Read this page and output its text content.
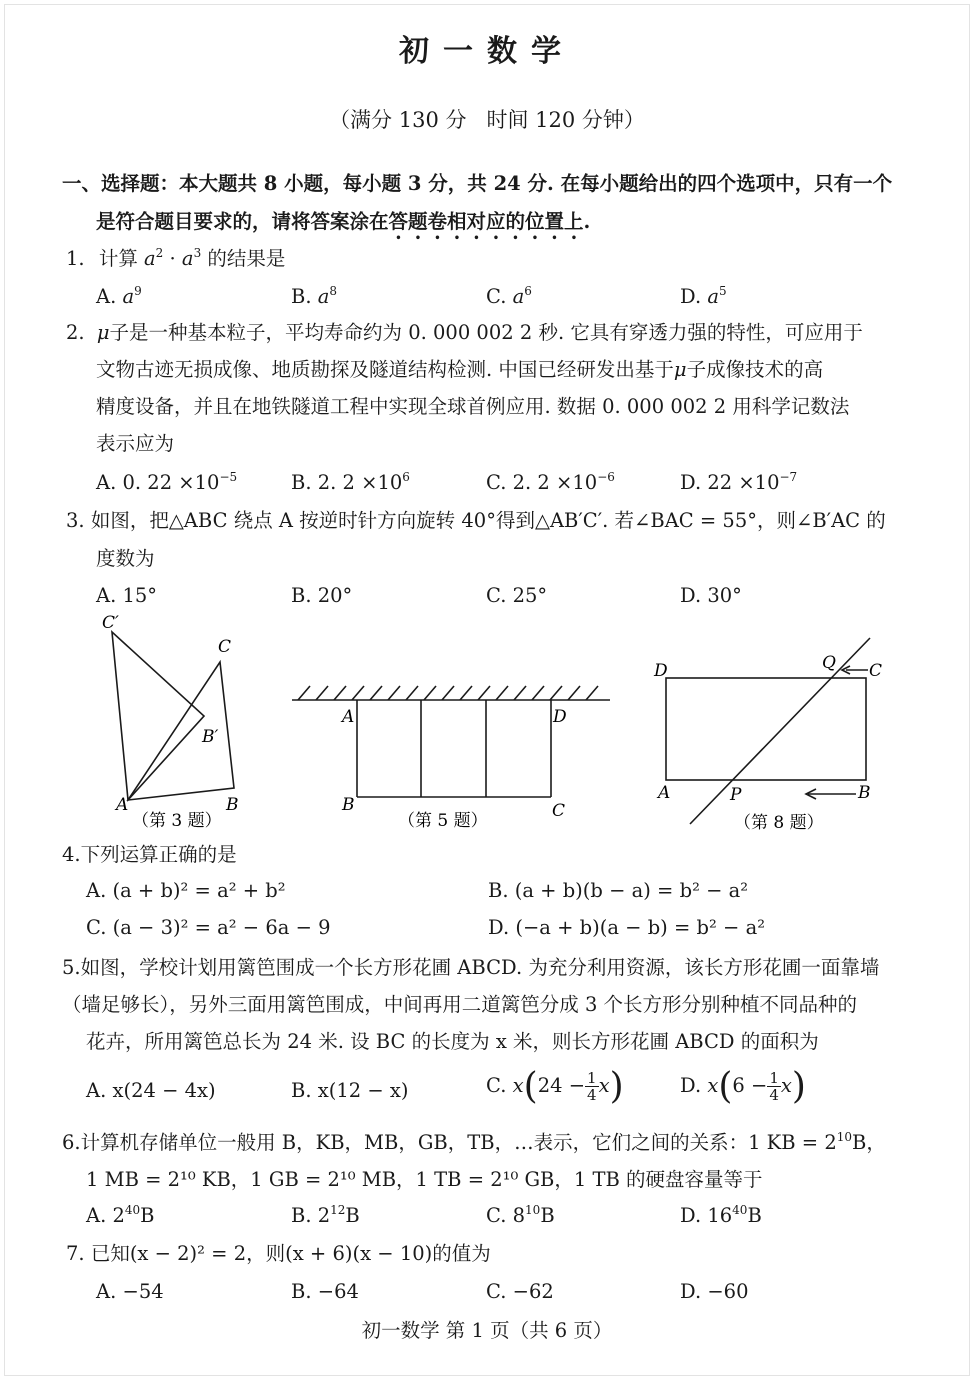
初一数学
（满分 130 分 时间 120 分钟）
一、选择题：本大题共 8 小题，每小题 3 分，共 24 分. 在每小题给出的四个选项中，只有一个
是符合题目要求的，请将答案涂在答题卷相对应的位置上.
1. 计算 $a^2 \cdot a^3$ 的结果是
A. $a^9$	B. $a^8$	C. $a^6$	D. $a^5$
2. μ子是一种基本粒子，平均寿命约为 0. 000 002 2 秒. 它具有穿透力强的特性，可应用于
文物古迹无损成像、地质勘探及隧道结构检测. 中国已经研发出基于μ子成像技术的高
精度设备，并且在地铁隧道工程中实现全球首例应用. 数据 0. 000 002 2 用科学记数法
表示应为
A. 0. $22 \times 10^{-5}$	B. 2. $2 \times 10^6$	C. 2. $2 \times 10^{-6}$	D. $22 \times 10^{-7}$
3. 如图，把△ABC 绕点 A 按逆时针方向旋转 40°得到△AB′C′. 若∠BAC = 55°，则∠B′AC 的
度数为
A. 15°	B. 20°	C. 25°	D. 30°
C′
C
B′
A	B
（第 3 题）
A	D
B	C
（第 5 题）
D	Q C
A	P	B
（第 8 题）
4.下列运算正确的是
A. (a + b)² = a² + b²	B. (a + b)(b − a) = b² − a²
C. (a − 3)² = a² − 6a − 9	D. (−a + b)(a − b) = b² − a²
5.如图，学校计划用篱笆围成一个长方形花圃 ABCD. 为充分利用资源，该长方形花圃一面靠墙
（墙足够长），另外三面用篱笆围成，中间再用二道篱笆分成 3 个长方形分别种植不同品种的
花卉，所用篱笆总长为 24 米. 设 BC 的长度为 x 米，则长方形花圃 ABCD 的面积为
A. x(24 − 4x)	B. x(12 − x)	C. $x(24 - \frac{1}{4} x)$	D. $x(6 - \frac{1}{4} x)$
6.计算机存储单位一般用 B，KB，MB，GB，TB，…表示，它们之间的关系：1 KB = $2^{10}B$，
1 MB = 2¹⁰ KB，1 GB = 2¹⁰ MB，1 TB = 2¹⁰ GB，1 TB 的硬盘容量等于
A. $2^{40}B$	B. $2^{12}B$	C. $8^{10}B$	D. $16^{40}B$
7. 已知(x − 2)² = 2，则(x + 6)(x − 10)的值为
A. −54	B. −64	C. −62	D. −60
初一数学 第 1 页（共 6 页）
